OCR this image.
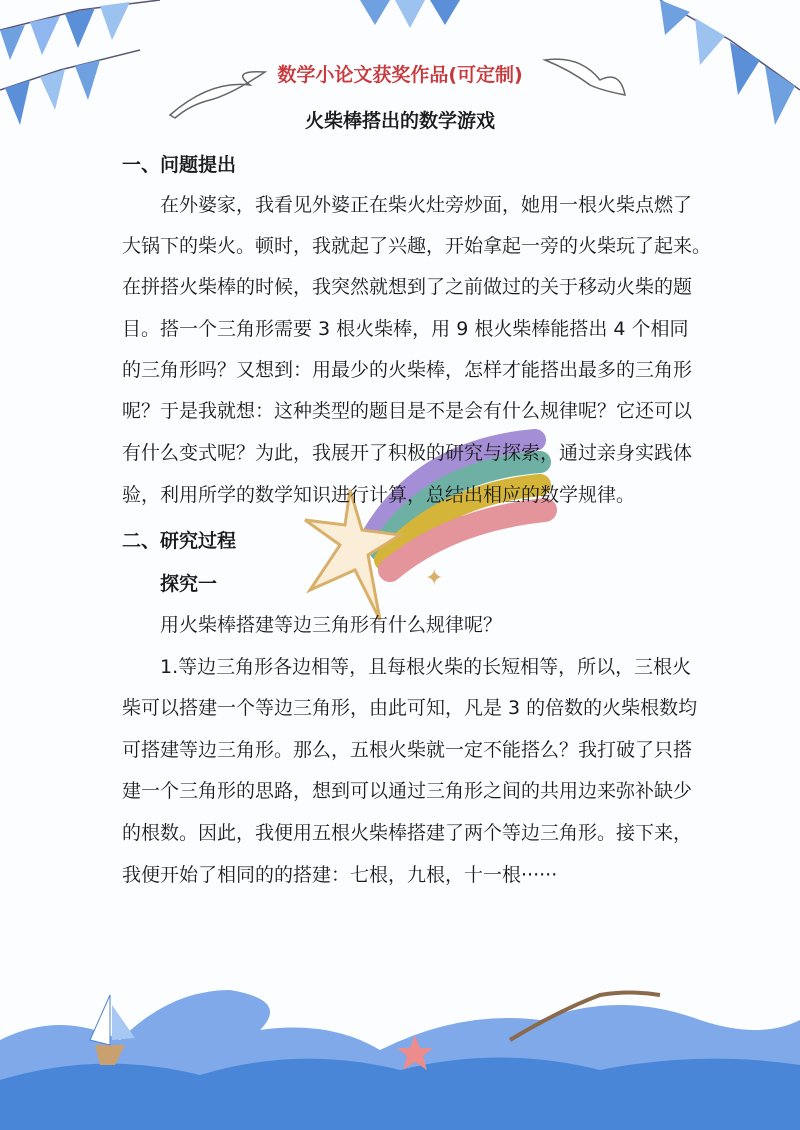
✦
数学小论文获奖作品(可定制)
火柴棒搭出的数学游戏
一、问题提出
在外婆家，我看见外婆正在柴火灶旁炒面，她用一根火柴点燃了
大锅下的柴火。顿时，我就起了兴趣，开始拿起一旁的火柴玩了起来。
在拼搭火柴棒的时候，我突然就想到了之前做过的关于移动火柴的题
目。搭一个三角形需要 3 根火柴棒，用 9 根火柴棒能搭出 4 个相同
的三角形吗？又想到：用最少的火柴棒，怎样才能搭出最多的三角形
呢？于是我就想：这种类型的题目是不是会有什么规律呢？它还可以
有什么变式呢？为此，我展开了积极的研究与探索，通过亲身实践体
验，利用所学的数学知识进行计算，总结出相应的数学规律。
二、研究过程
探究一
用火柴棒搭建等边三角形有什么规律呢？
1.等边三角形各边相等，且每根火柴的长短相等，所以，三根火
柴可以搭建一个等边三角形，由此可知，凡是 3 的倍数的火柴根数均
可搭建等边三角形。那么，五根火柴就一定不能搭么？我打破了只搭
建一个三角形的思路，想到可以通过三角形之间的共用边来弥补缺少
的根数。因此，我便用五根火柴棒搭建了两个等边三角形。接下来，
我便开始了相同的的搭建：七根，九根，十一根······
